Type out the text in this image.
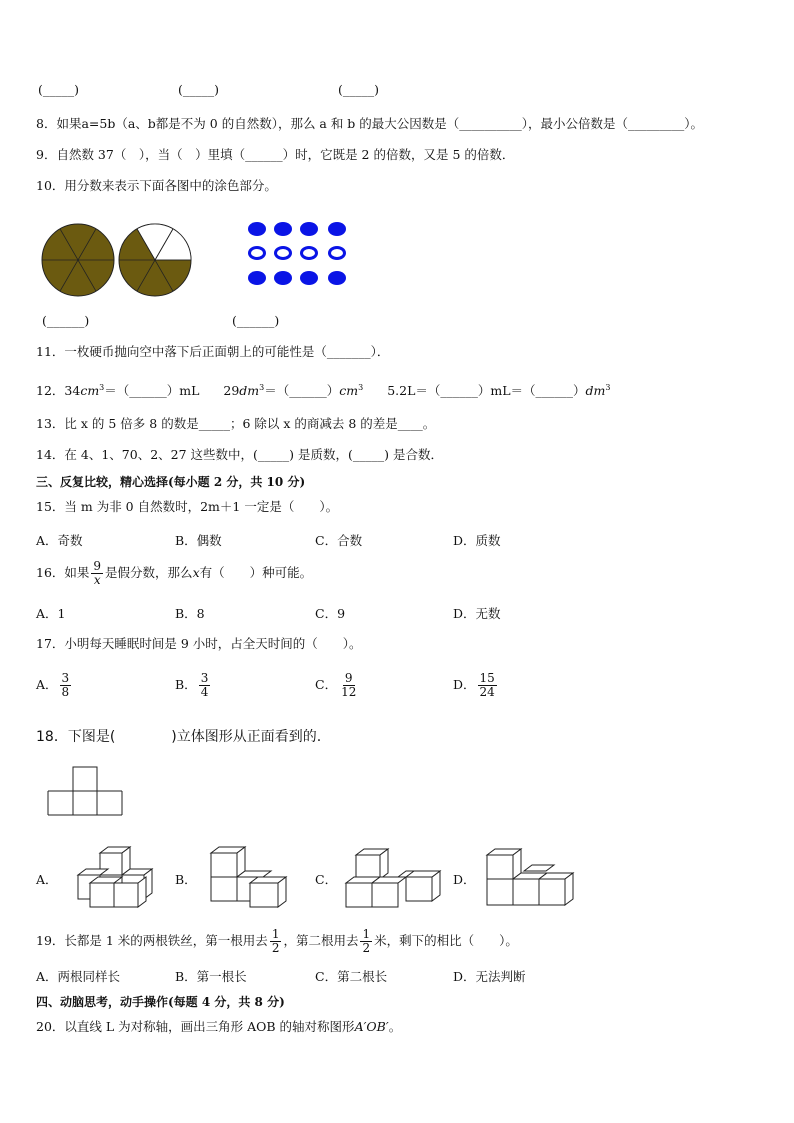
(_____)	(_____)	(_____)
8．如果a=5b（a、b都是不为 0 的自然数），那么 a 和 b 的最大公因数是（__________），最小公倍数是（_________）。
9．自然数 37（　），当（　）里填（______）时，它既是 2 的倍数，又是 5 的倍数．
10．用分数来表示下面各图中的涂色部分。
(______)	(______)
11．一枚硬币抛向空中落下后正面朝上的可能性是（_______）．
12．$34cm^3=(\_\_\_\_\_\_)mL$ $29dm^3=(\_\_\_\_\_\_)cm^3$ $5.2L=(\_\_\_\_\_\_)mL=(\_\_\_\_\_\_)dm^3$
13．比 x 的 5 倍多 8 的数是_____；6 除以 x 的商减去 8 的差是____。
14．在 4、1、70、2、27 这些数中，(_____) 是质数，(_____) 是合数．
三、反复比较，精心选择(每小题 2 分，共 10 分)
15．当 m 为非 0 自然数时，2m＋1 一定是（　　）。
A．奇数	B．偶数	C．合数	D．质数
16．如果 $\frac{9}{x}$ 是假分数，那么x有（　　）种可能。
A．1	B．8	C．9	D．无数
17．小明每天睡眠时间是 9 小时，占全天时间的（　　）。
A． $\frac{3}{8}$	B． $\frac{3}{4}$	C． $\frac{9}{12}$	D． $\frac{15}{24}$
18．下图是(　　　　)立体图形从正面看到的.
A．	B．	C．	D．
19．长都是 1 米的两根铁丝，第一根用去 $\frac{1}{2}$ ，第二根用去 $\frac{1}{2}$ 米，剩下的相比（　　）。
A．两根同样长	B．第一根长	C．第二根长	D．无法判断
四、动脑思考，动手操作(每题 4 分，共 8 分)
20．以直线 L 为对称轴，画出三角形 AOB 的轴对称图形A′OB′。
